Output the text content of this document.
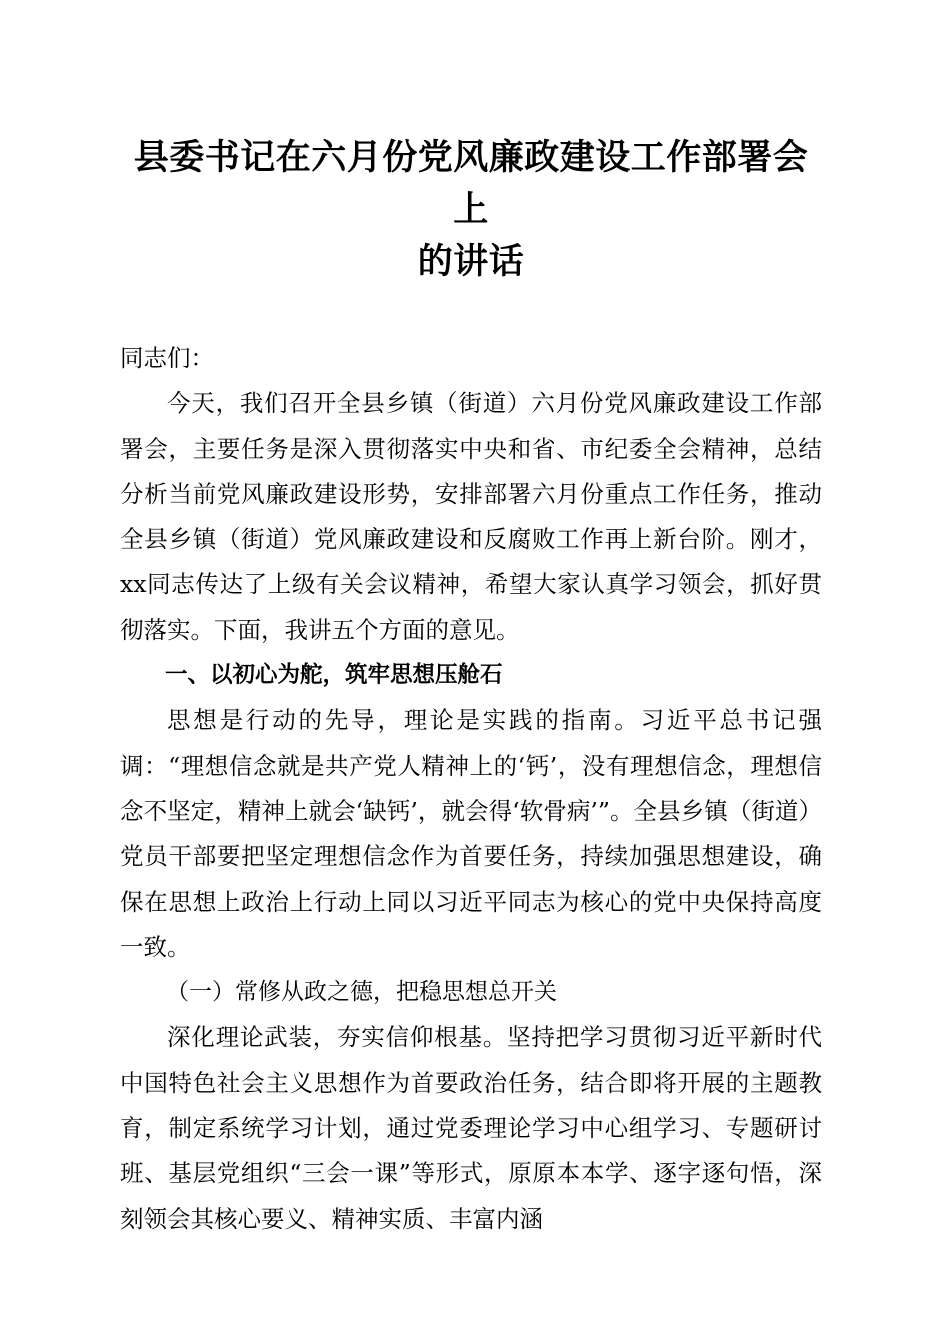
县委书记在六月份党风廉政建设工作部署会上
的讲话

同志们：

今天，我们召开全县乡镇（街道）六月份党风廉政建设工作部署会，主要任务是深入贯彻落实中央和省、市纪委全会精神，总结分析当前党风廉政建设形势，安排部署六月份重点工作任务，推动全县乡镇（街道）党风廉政建设和反腐败工作再上新台阶。刚才，xx同志传达了上级有关会议精神，希望大家认真学习领会，抓好贯彻落实。下面，我讲五个方面的意见。

一、以初心为舵，筑牢思想压舱石

思想是行动的先导，理论是实践的指南。习近平总书记强调：“理想信念就是共产党人精神上的‘钙’，没有理想信念，理想信念不坚定，精神上就会‘缺钙’，就会得‘软骨病’”。全县乡镇（街道）党员干部要把坚定理想信念作为首要任务，持续加强思想建设，确保在思想上政治上行动上同以习近平同志为核心的党中央保持高度一致。

（一）常修从政之德，把稳思想总开关

深化理论武装，夯实信仰根基。坚持把学习贯彻习近平新时代中国特色社会主义思想作为首要政治任务，结合即将开展的主题教育，制定系统学习计划，通过党委理论学习中心组学习、专题研讨班、基层党组织“三会一课”等形式，原原本本学、逐字逐句悟，深刻领会其核心要义、精神实质、丰富内涵
